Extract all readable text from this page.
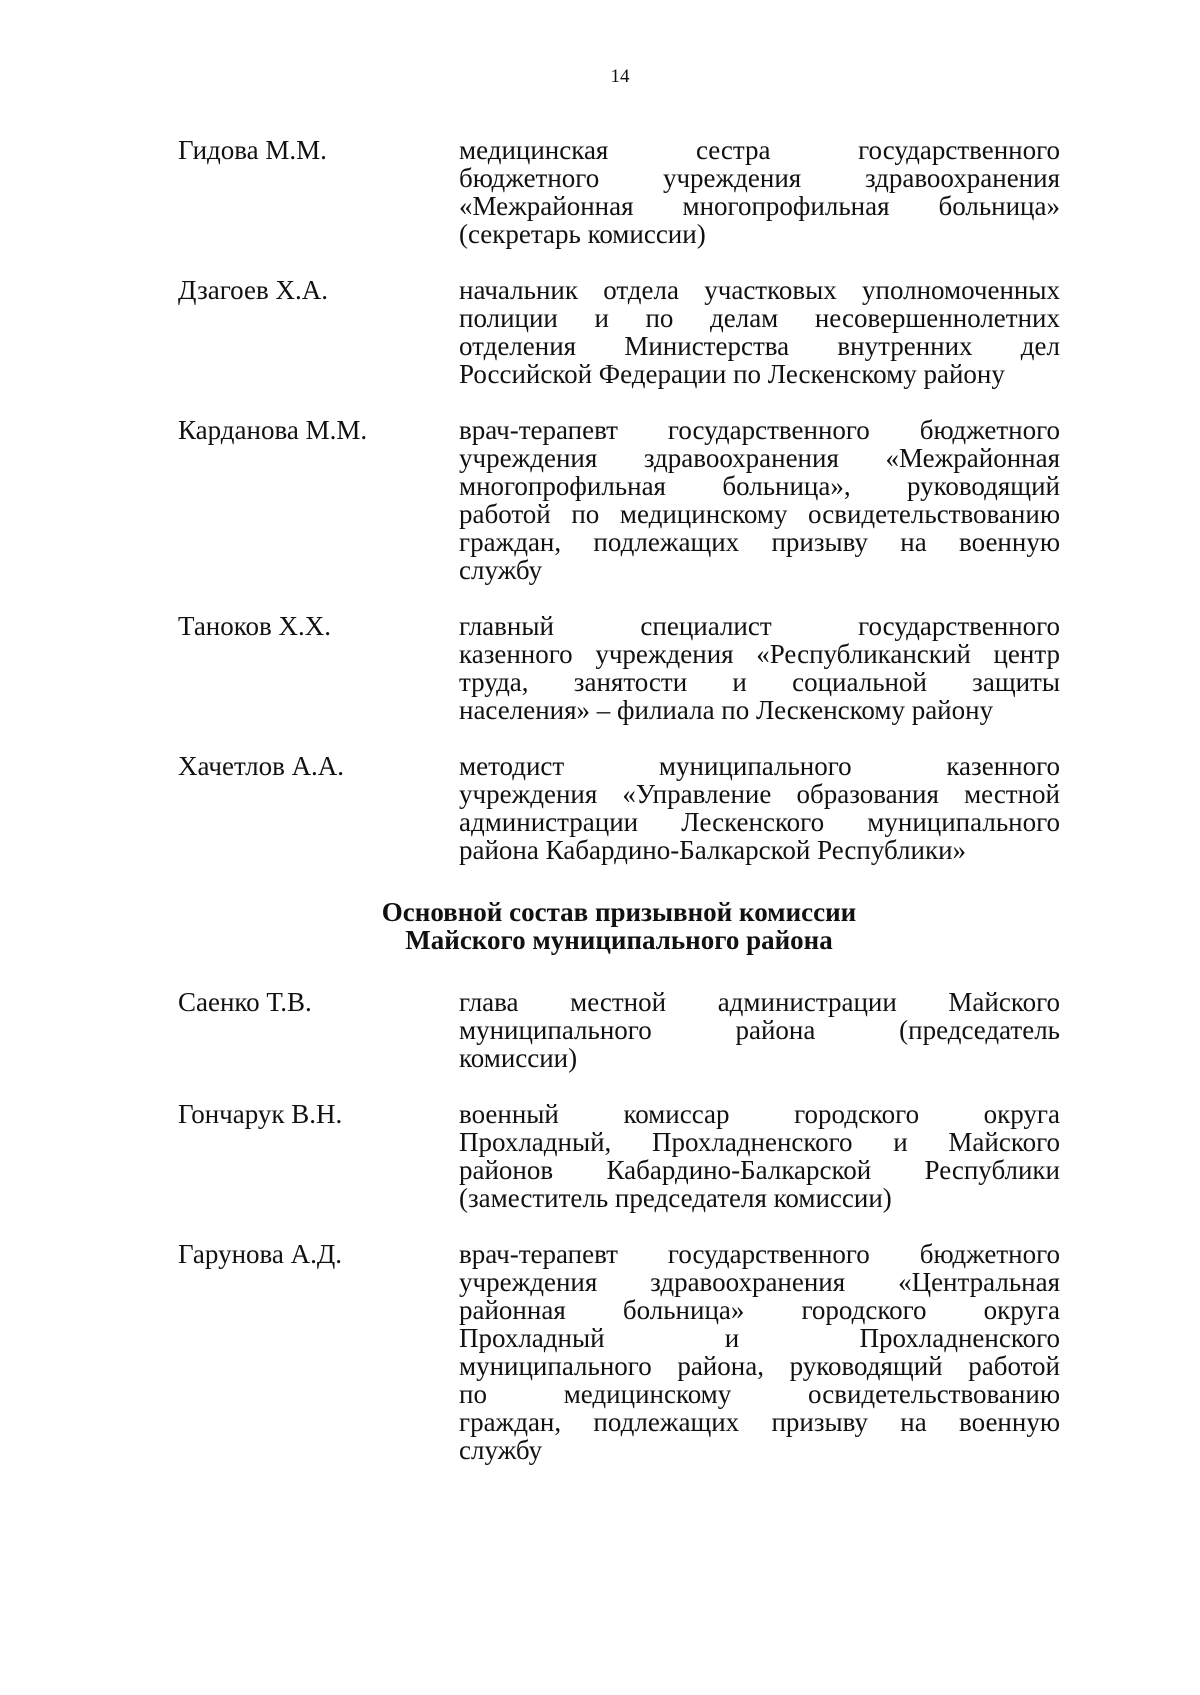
14
Гидова М.М.	медицинская сестра государственного
бюджетного учреждения здравоохранения
«Межрайонная многопрофильная больница»
(секретарь комиссии)
Дзагоев Х.А.	начальник отдела участковых уполномоченных
полиции и по делам несовершеннолетних
отделения Министерства внутренних дел
Российской Федерации по Лескенскому району
Карданова М.М.	врач-терапевт государственного бюджетного
учреждения здравоохранения «Межрайонная
многопрофильная больница», руководящий
работой по медицинскому освидетельствованию
граждан, подлежащих призыву на военную
службу
Таноков Х.Х.	главный специалист государственного
казенного учреждения «Республиканский центр
труда, занятости и социальной защиты
населения» – филиала по Лескенскому району
Хачетлов А.А.	методист муниципального казенного
учреждения «Управление образования местной
администрации Лескенского муниципального
района Кабардино-Балкарской Республики»
Основной состав призывной комиссии
Майского муниципального района
Саенко Т.В.	глава местной администрации Майского
муниципального района (председатель
комиссии)
Гончарук В.Н.	военный комиссар городского округа
Прохладный, Прохладненского и Майского
районов Кабардино-Балкарской Республики
(заместитель председателя комиссии)
Гарунова А.Д.	врач-терапевт государственного бюджетного
учреждения здравоохранения «Центральная
районная больница» городского округа
Прохладный и Прохладненского
муниципального района, руководящий работой
по медицинскому освидетельствованию
граждан, подлежащих призыву на военную
службу
